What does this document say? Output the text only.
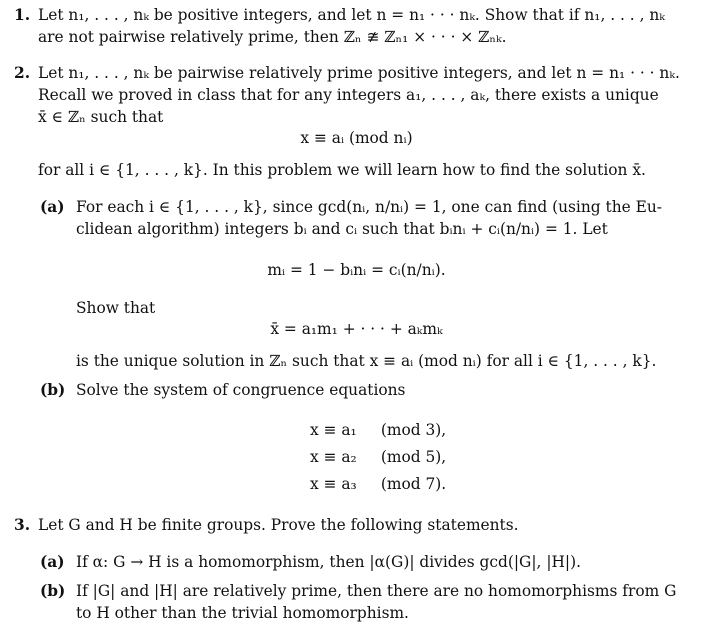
1. Let n₁, . . . , nₖ be positive integers, and let n = n₁ · · · nₖ. Show that if n₁, . . . , nₖ
are not pairwise relatively prime, then ℤₙ ≇ ℤₙ₁ × · · · × ℤₙₖ.
2. Let n₁, . . . , nₖ be pairwise relatively prime positive integers, and let n = n₁ · · · nₖ.
Recall we proved in class that for any integers a₁, . . . , aₖ, there exists a unique
x̄ ∈ ℤₙ such that
x ≡ aᵢ (mod nᵢ)
for all i ∈ {1, . . . , k}. In this problem we will learn how to find the solution x̄.
(a) For each i ∈ {1, . . . , k}, since gcd(nᵢ, n/nᵢ) = 1, one can find (using the Eu-
clidean algorithm) integers bᵢ and cᵢ such that bᵢnᵢ + cᵢ(n/nᵢ) = 1. Let
mᵢ = 1 − bᵢnᵢ = cᵢ(n/nᵢ).
Show that
x̄ = a₁m₁ + · · · + aₖmₖ
is the unique solution in ℤₙ such that x ≡ aᵢ (mod nᵢ) for all i ∈ {1, . . . , k}.
(b) Solve the system of congruence equations
x ≡ a₁ (mod 3),
x ≡ a₂ (mod 5),
x ≡ a₃ (mod 7).
3. Let G and H be finite groups. Prove the following statements.
(a) If α: G → H is a homomorphism, then |α(G)| divides gcd(|G|, |H|).
(b) If |G| and |H| are relatively prime, then there are no homomorphisms from G
to H other than the trivial homomorphism.
